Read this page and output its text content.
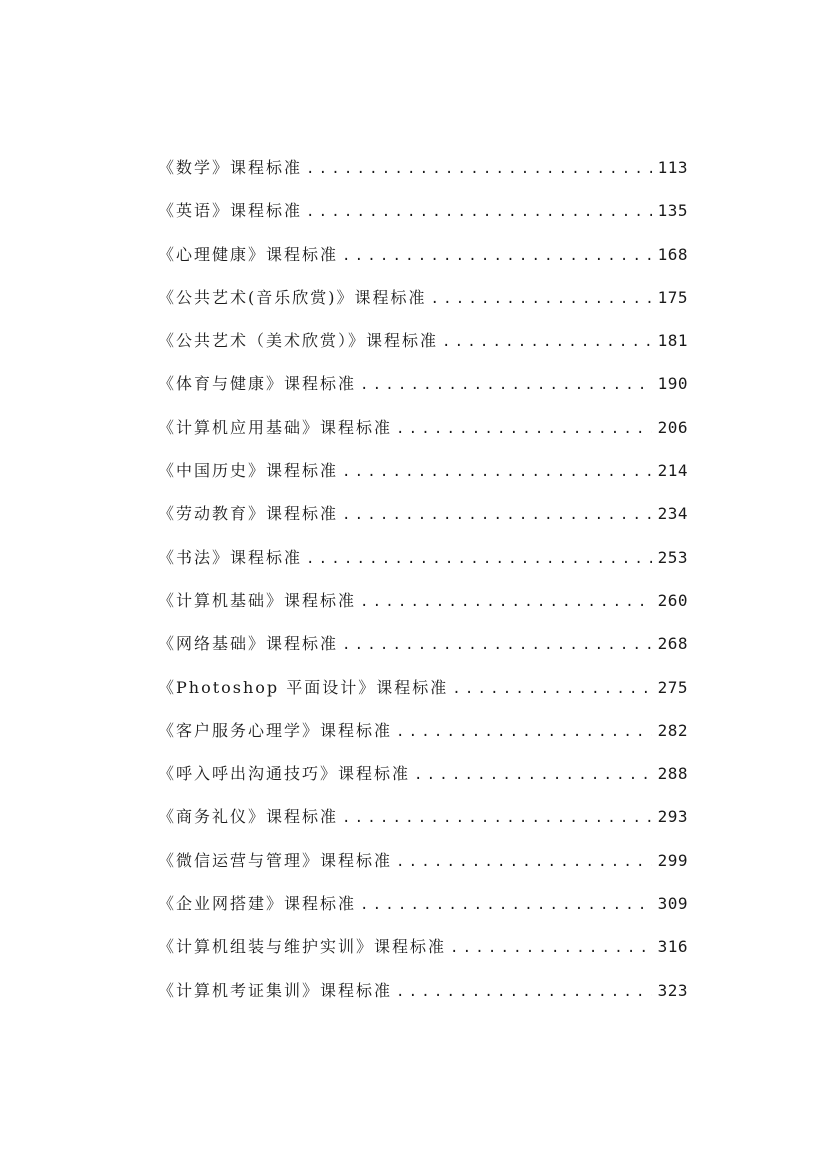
《数学》课程标准 .....	113
《英语》课程标准 .....	135
《心理健康》课程标准 .....	168
《公共艺术(音乐欣赏)》课程标准 .....	175
《公共艺术（美术欣赏）》课程标准 .....	181
《体育与健康》课程标准 .....	190
《计算机应用基础》课程标准 .....	206
《中国历史》课程标准 .....	214
《劳动教育》课程标准 .....	234
《书法》课程标准 .....	253
《计算机基础》课程标准 .....	260
《网络基础》课程标准 .....	268
《Photoshop 平面设计》课程标准 .....	275
《客户服务心理学》课程标准 .....	282
《呼入呼出沟通技巧》课程标准 .....	288
《商务礼仪》课程标准 .....	293
《微信运营与管理》课程标准 .....	299
《企业网搭建》课程标准 .....	309
《计算机组装与维护实训》课程标准 .....	316
《计算机考证集训》课程标准 .....	323
